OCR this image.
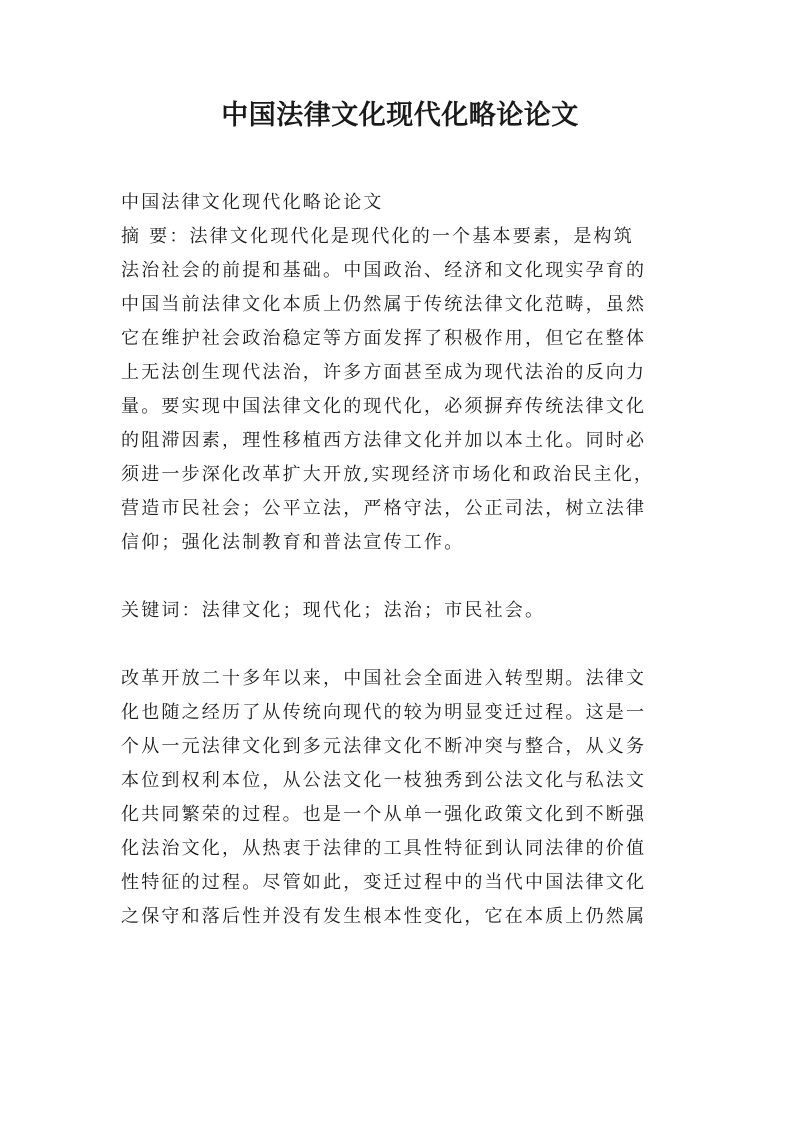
中国法律文化现代化略论论文
中国法律文化现代化略论论文
摘 要：法律文化现代化是现代化的一个基本要素，是构筑
法治社会的前提和基础。中国政治、经济和文化现实孕育的
中国当前法律文化本质上仍然属于传统法律文化范畴，虽然
它在维护社会政治稳定等方面发挥了积极作用，但它在整体
上无法创生现代法治，许多方面甚至成为现代法治的反向力
量。要实现中国法律文化的现代化，必须摒弃传统法律文化
的阻滞因素，理性移植西方法律文化并加以本土化。同时必
须进一步深化改革扩大开放,实现经济市场化和政治民主化，
营造市民社会；公平立法，严格守法，公正司法，树立法律
信仰；强化法制教育和普法宣传工作。
关键词：法律文化；现代化；法治；市民社会。
改革开放二十多年以来，中国社会全面进入转型期。法律文
化也随之经历了从传统向现代的较为明显变迁过程。这是一
个从一元法律文化到多元法律文化不断冲突与整合，从义务
本位到权利本位，从公法文化一枝独秀到公法文化与私法文
化共同繁荣的过程。也是一个从单一强化政策文化到不断强
化法治文化，从热衷于法律的工具性特征到认同法律的价值
性特征的过程。尽管如此，变迁过程中的当代中国法律文化
之保守和落后性并没有发生根本性变化，它在本质上仍然属
